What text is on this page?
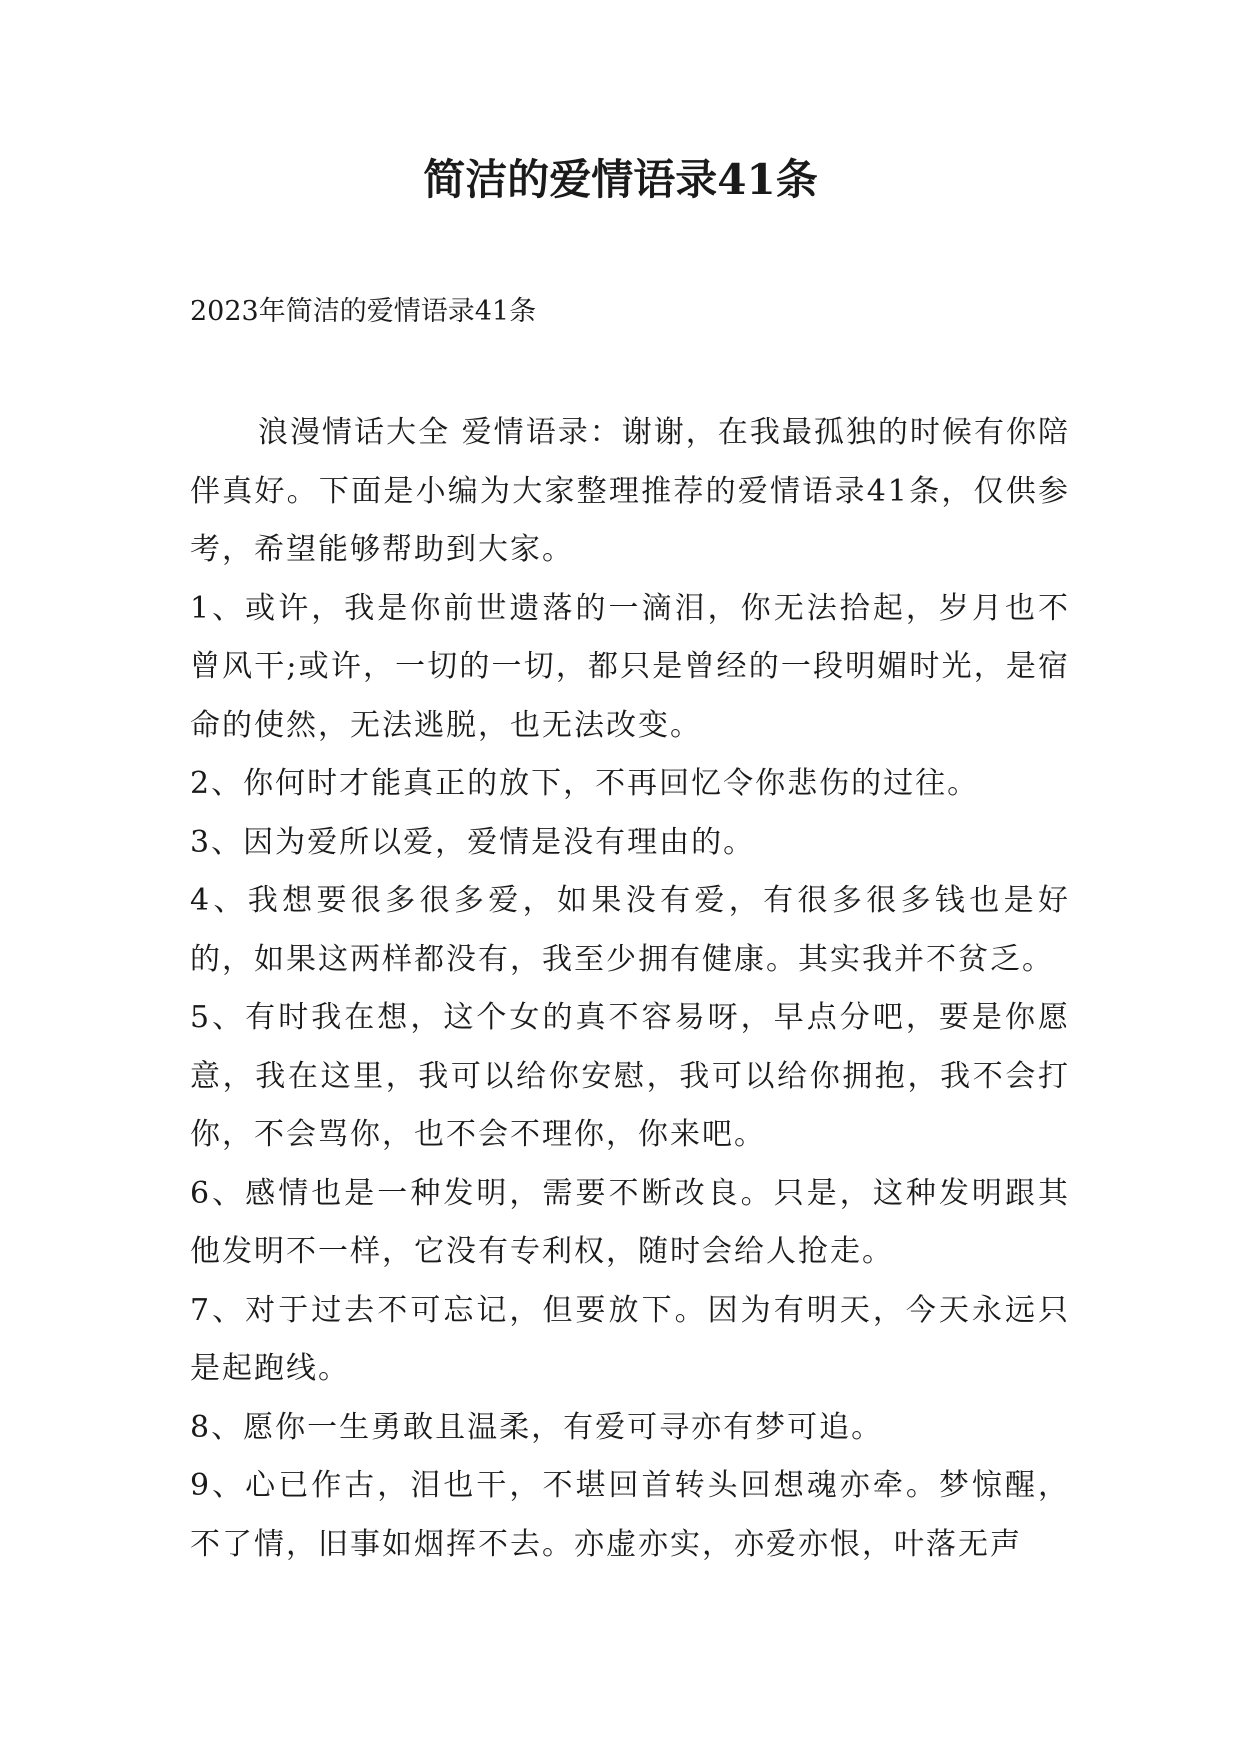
简洁的爱情语录41条

2023年简洁的爱情语录41条

浪漫情话大全 爱情语录：谢谢，在我最孤独的时候有你陪伴真好。下面是小编为大家整理推荐的爱情语录41条，仅供参考，希望能够帮助到大家。

1、或许，我是你前世遗落的一滴泪，你无法拾起，岁月也不曾风干;或许，一切的一切，都只是曾经的一段明媚时光，是宿命的使然，无法逃脱，也无法改变。

2、你何时才能真正的放下，不再回忆令你悲伤的过往。

3、因为爱所以爱，爱情是没有理由的。

4、我想要很多很多爱，如果没有爱，有很多很多钱也是好的，如果这两样都没有，我至少拥有健康。其实我并不贫乏。

5、有时我在想，这个女的真不容易呀，早点分吧，要是你愿意，我在这里，我可以给你安慰，我可以给你拥抱，我不会打你，不会骂你，也不会不理你，你来吧。

6、感情也是一种发明，需要不断改良。只是，这种发明跟其他发明不一样，它没有专利权，随时会给人抢走。

7、对于过去不可忘记，但要放下。因为有明天，今天永远只是起跑线。

8、愿你一生勇敢且温柔，有爱可寻亦有梦可追。

9、心已作古，泪也干，不堪回首转头回想魂亦牵。梦惊醒，不了情，旧事如烟挥不去。亦虚亦实，亦爱亦恨，叶落无声
